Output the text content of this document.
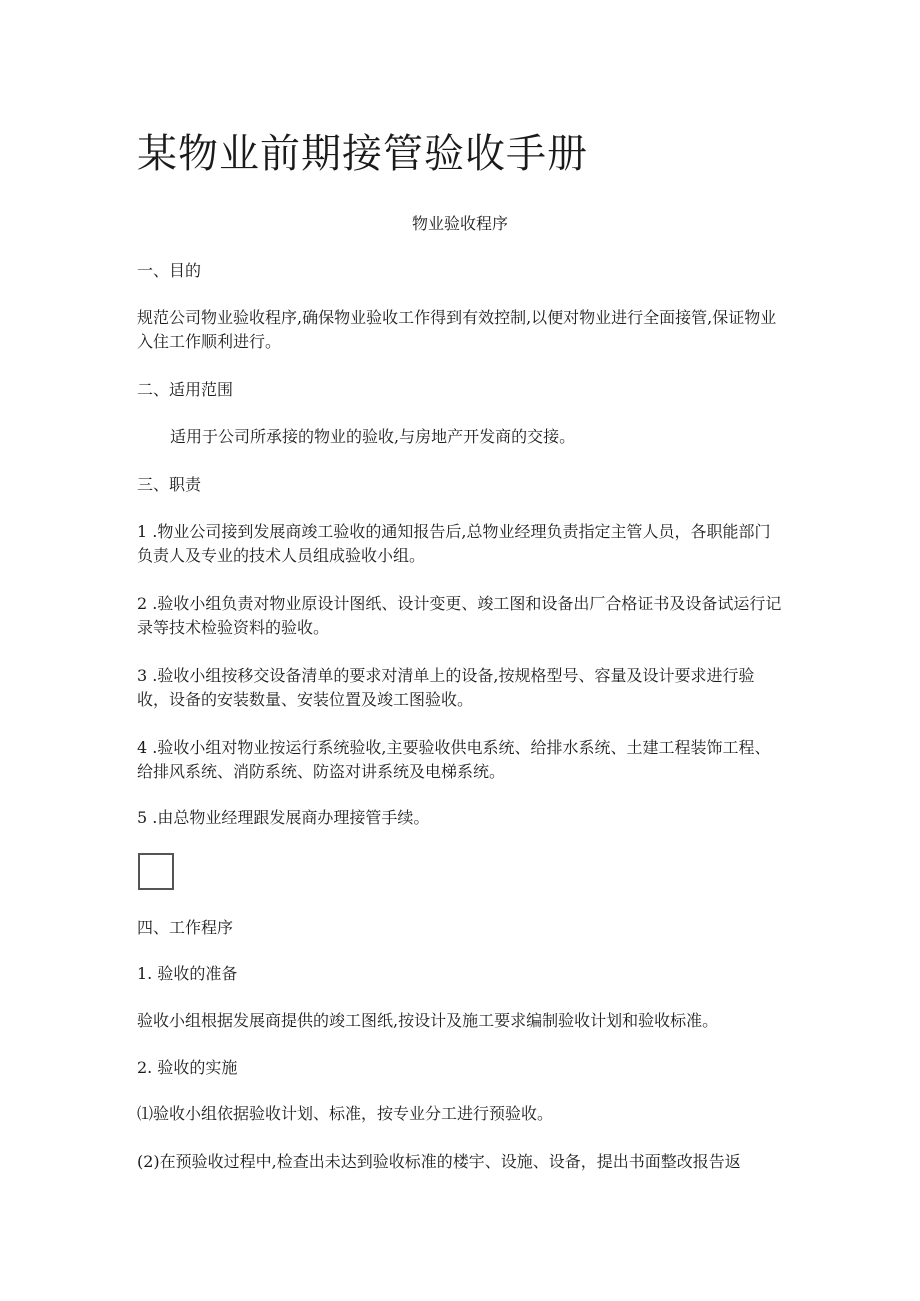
某物业前期接管验收手册

物业验收程序

一、目的

规范公司物业验收程序,确保物业验收工作得到有效控制,以便对物业进行全面接管,保证物业入住工作顺利进行。

二、适用范围

适用于公司所承接的物业的验收,与房地产开发商的交接。

三、职责

1 .物业公司接到发展商竣工验收的通知报告后,总物业经理负责指定主管人员，各职能部门负责人及专业的技术人员组成验收小组。

2 .验收小组负责对物业原设计图纸、设计变更、竣工图和设备出厂合格证书及设备试运行记录等技术检验资料的验收。

3 .验收小组按移交设备清单的要求对清单上的设备,按规格型号、容量及设计要求进行验收，设备的安装数量、安装位置及竣工图验收。

4 .验收小组对物业按运行系统验收,主要验收供电系统、给排水系统、土建工程装饰工程、给排风系统、消防系统、防盗对讲系统及电梯系统。

5 .由总物业经理跟发展商办理接管手续。

四、工作程序

1. 验收的准备

验收小组根据发展商提供的竣工图纸,按设计及施工要求编制验收计划和验收标准。

2. 验收的实施

⑴验收小组依据验收计划、标准，按专业分工进行预验收。

(2)在预验收过程中,检查出未达到验收标准的楼宇、设施、设备，提出书面整改报告返
